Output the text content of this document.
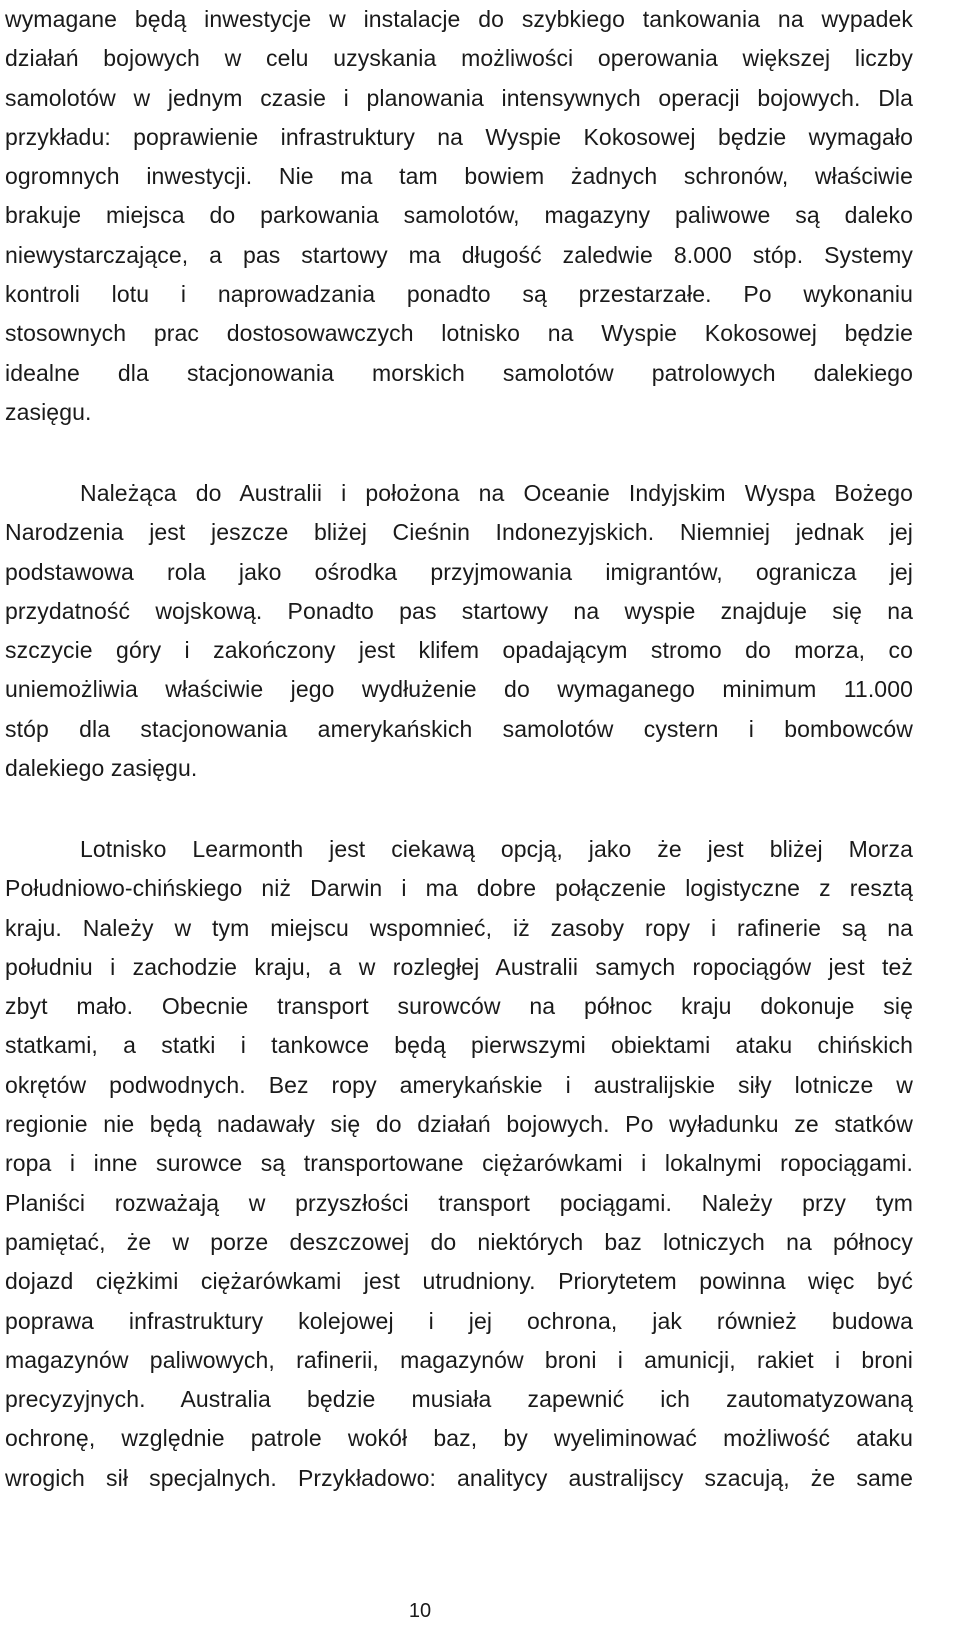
wymagane będą inwestycje w instalacje do szybkiego tankowania na wypadek
działań bojowych w celu uzyskania możliwości operowania większej liczby
samolotów w jednym czasie i planowania intensywnych operacji bojowych. Dla
przykładu: poprawienie infrastruktury na Wyspie Kokosowej będzie wymagało
ogromnych inwestycji. Nie ma tam bowiem żadnych schronów, właściwie
brakuje miejsca do parkowania samolotów, magazyny paliwowe są daleko
niewystarczające, a pas startowy ma długość zaledwie 8.000 stóp. Systemy
kontroli lotu i naprowadzania ponadto są przestarzałe. Po wykonaniu
stosownych prac dostosowawczych lotnisko na Wyspie Kokosowej będzie
idealne dla stacjonowania morskich samolotów patrolowych dalekiego
zasięgu.

Należąca do Australii i położona na Oceanie Indyjskim Wyspa Bożego
Narodzenia jest jeszcze bliżej Cieśnin Indonezyjskich. Niemniej jednak jej
podstawowa rola jako ośrodka przyjmowania imigrantów, ogranicza jej
przydatność wojskową. Ponadto pas startowy na wyspie znajduje się na
szczycie góry i zakończony jest klifem opadającym stromo do morza, co
uniemożliwia właściwie jego wydłużenie do wymaganego minimum 11.000
stóp dla stacjonowania amerykańskich samolotów cystern i bombowców
dalekiego zasięgu.

Lotnisko Learmonth jest ciekawą opcją, jako że jest bliżej Morza
Południowo-chińskiego niż Darwin i ma dobre połączenie logistyczne z resztą
kraju. Należy w tym miejscu wspomnieć, iż zasoby ropy i rafinerie są na
południu i zachodzie kraju, a w rozległej Australii samych ropociągów jest też
zbyt mało. Obecnie transport surowców na północ kraju dokonuje się
statkami, a statki i tankowce będą pierwszymi obiektami ataku chińskich
okrętów podwodnych. Bez ropy amerykańskie i australijskie siły lotnicze w
regionie nie będą nadawały się do działań bojowych. Po wyładunku ze statków
ropa i inne surowce są transportowane ciężarówkami i lokalnymi ropociągami.
Planiści rozważają w przyszłości transport pociągami. Należy przy tym
pamiętać, że w porze deszczowej do niektórych baz lotniczych na północy
dojazd ciężkimi ciężarówkami jest utrudniony. Priorytetem powinna więc być
poprawa infrastruktury kolejowej i jej ochrona, jak również budowa
magazynów paliwowych, rafinerii, magazynów broni i amunicji, rakiet i broni
precyzyjnych. Australia będzie musiała zapewnić ich zautomatyzowaną
ochronę, względnie patrole wokół baz, by wyeliminować możliwość ataku
wrogich sił specjalnych. Przykładowo: analitycy australijscy szacują, że same

10
